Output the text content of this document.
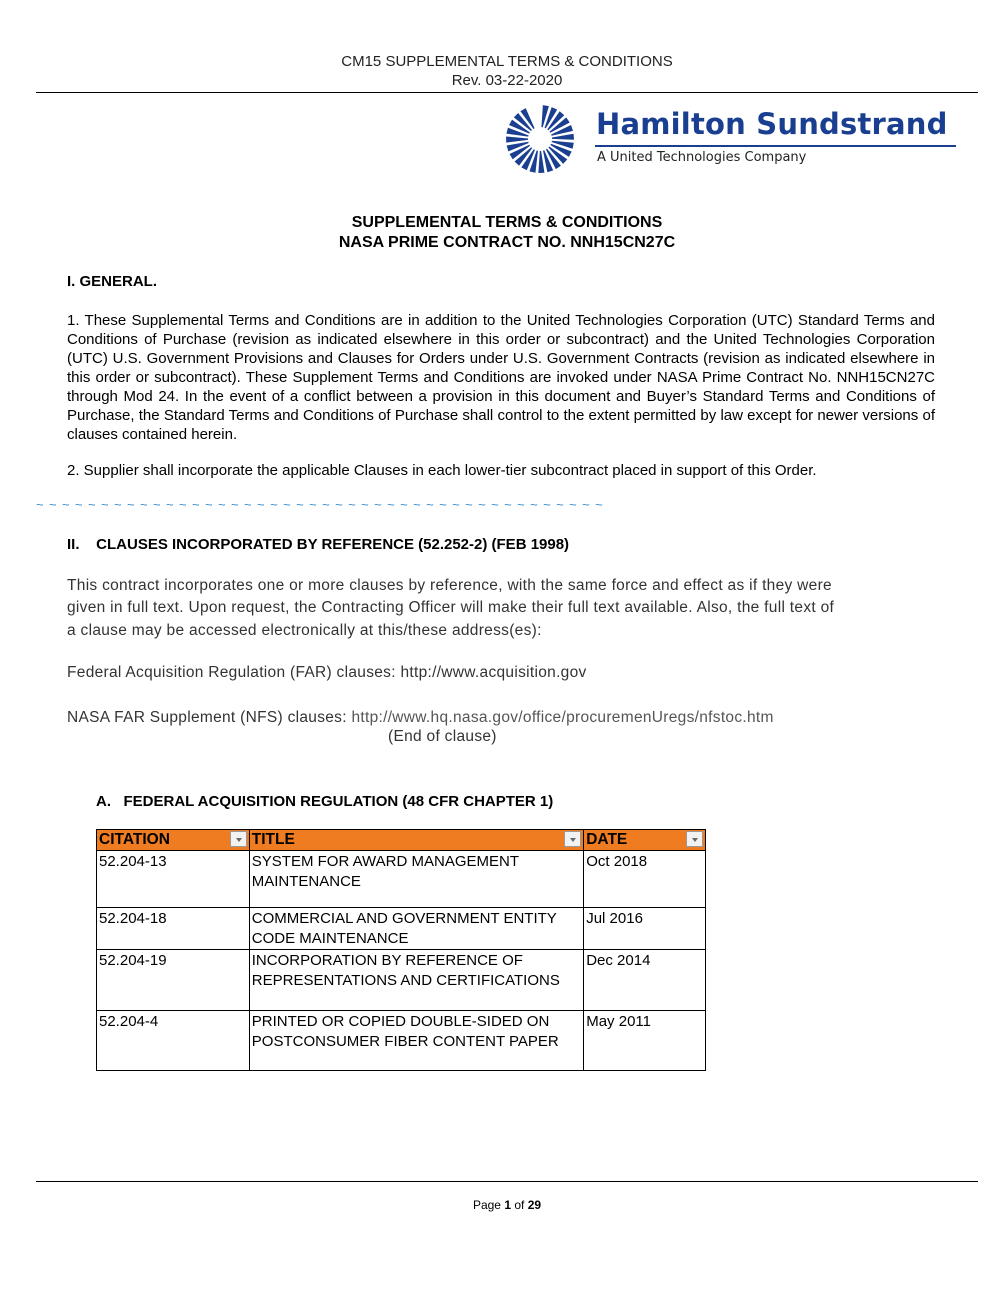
CM15 SUPPLEMENTAL TERMS & CONDITIONS
Rev. 03-22-2020
Hamilton Sundstrand
A United Technologies Company
SUPPLEMENTAL TERMS & CONDITIONS
NASA PRIME CONTRACT NO. NNH15CN27C
I. GENERAL.
1. These Supplemental Terms and Conditions are in addition to the United Technologies Corporation (UTC) Standard Terms and Conditions of Purchase (revision as indicated elsewhere in this order or subcontract) and the United Technologies Corporation (UTC) U.S. Government Provisions and Clauses for Orders under U.S. Government Contracts (revision as indicated elsewhere in this order or subcontract). These Supplement Terms and Conditions are invoked under NASA Prime Contract No. NNH15CN27C through Mod 24. In the event of a conflict between a provision in this document and Buyer’s Standard Terms and Conditions of Purchase, the Standard Terms and Conditions of Purchase shall control to the extent permitted by law except for newer versions of clauses contained herein.
2. Supplier shall incorporate the applicable Clauses in each lower-tier subcontract placed in support of this Order.
~ ~ ~ ~ ~ ~ ~ ~ ~ ~ ~ ~ ~ ~ ~ ~ ~ ~ ~ ~ ~ ~ ~ ~ ~ ~ ~ ~ ~ ~ ~ ~ ~ ~ ~ ~ ~ ~ ~ ~ ~ ~ ~ ~
II.    CLAUSES INCORPORATED BY REFERENCE (52.252-2) (FEB 1998)
This contract incorporates one or more clauses by reference, with the same force and effect as if they were
given in full text. Upon request, the Contracting Officer will make their full text available. Also, the full text of
a clause may be accessed electronically at this/these address(es):
Federal Acquisition Regulation (FAR) clauses: http://www.acquisition.gov
NASA FAR Supplement (NFS) clauses: http://www.hq.nasa.gov/office/procuremenUregs/nfstoc.htm
(End of clause)
A.   FEDERAL ACQUISITION REGULATION (48 CFR CHAPTER 1)
CITATION	TITLE	DATE

52.204-13	SYSTEM FOR AWARD MANAGEMENT MAINTENANCE	Oct 2018
52.204-18	COMMERCIAL AND GOVERNMENT ENTITY CODE MAINTENANCE	Jul 2016
52.204-19	INCORPORATION BY REFERENCE OF REPRESENTATIONS AND CERTIFICATIONS	Dec 2014
52.204-4	PRINTED OR COPIED DOUBLE-SIDED ON POSTCONSUMER FIBER CONTENT PAPER	May 2011
Page 1 of 29
